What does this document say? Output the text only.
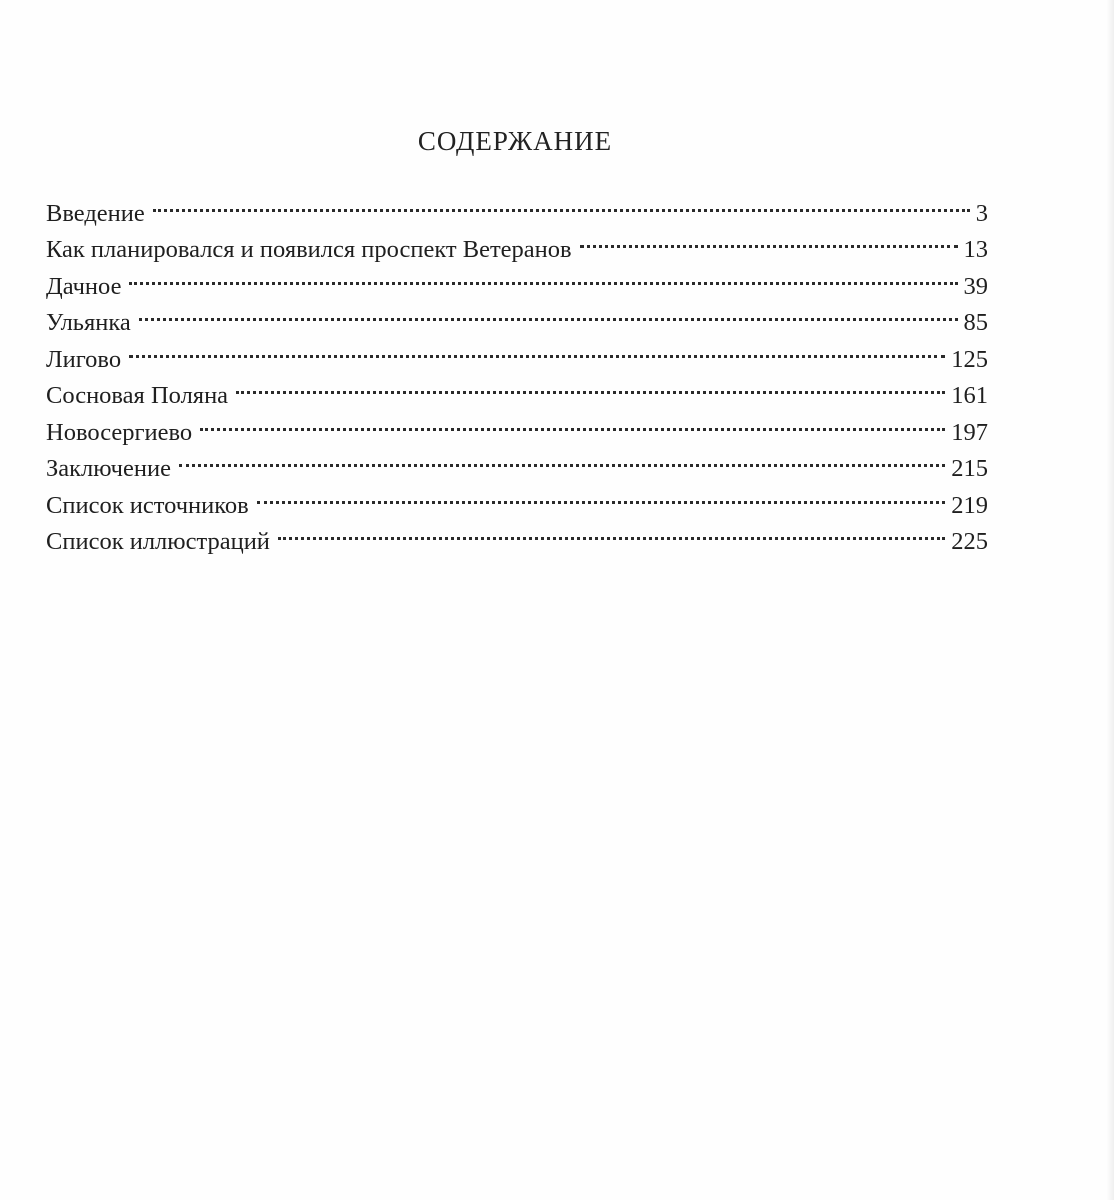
СОДЕРЖАНИЕ
Введение	3
Как планировался и появился проспект Ветеранов	13
Дачное	39
Ульянка	85
Лигово	125
Сосновая Поляна	161
Новосергиево	197
Заключение	215
Список источников	219
Список иллюстраций	225
